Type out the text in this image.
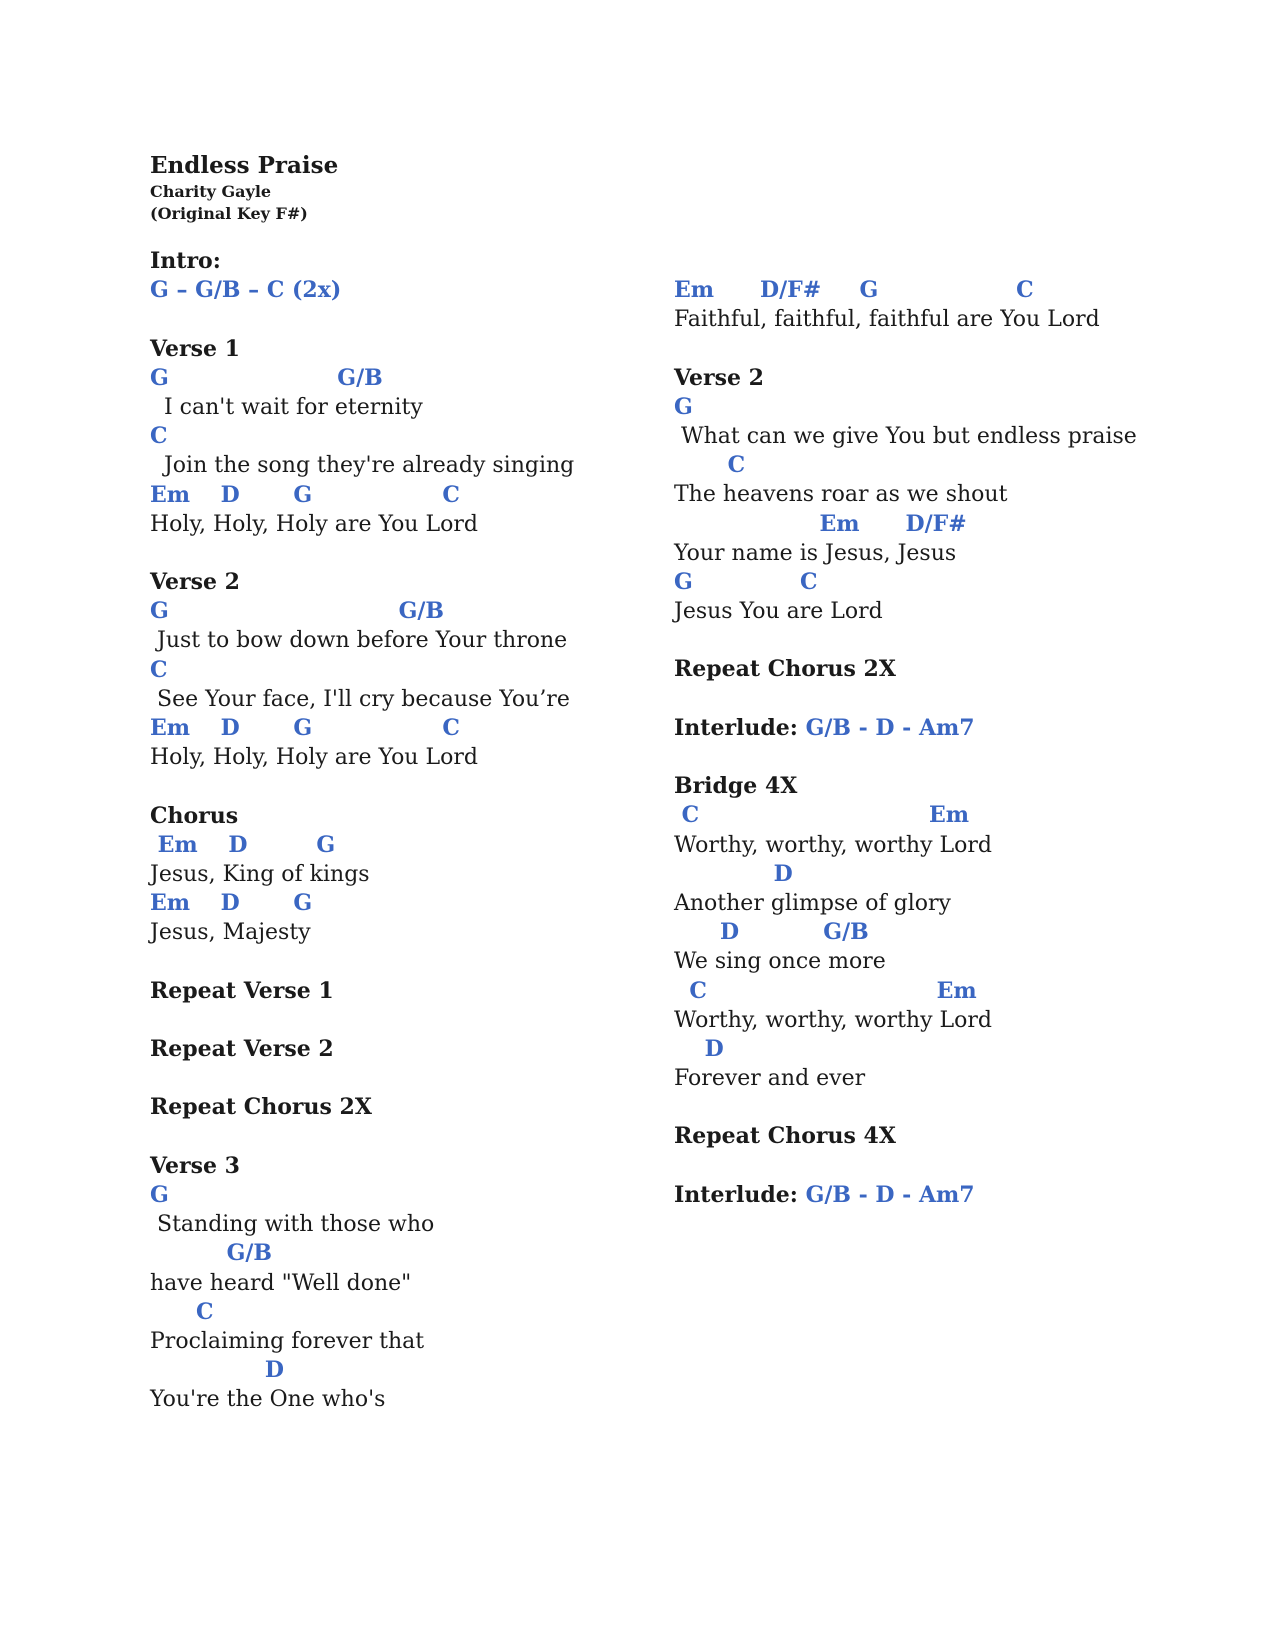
Endless Praise
Charity Gayle
(Original Key F#)
Intro:
G – G/B – C (2x)
Verse 1
G                      G/B
I can't wait for eternity
C
Join the song they're already singing
Em    D       G                 C
Holy, Holy, Holy are You Lord
Verse 2
G                              G/B
Just to bow down before Your throne
C
See Your face, I'll cry because You’re
Em    D       G                 C
Holy, Holy, Holy are You Lord
Chorus
Em    D         G
Jesus, King of kings
Em    D       G
Jesus, Majesty
Repeat Verse 1
Repeat Verse 2
Repeat Chorus 2X
Verse 3
G
Standing with those who
G/B
have heard "Well done"
C
Proclaiming forever that
D
You're the One who's
Em      D/F#     G                  C
Faithful, faithful, faithful are You Lord
Verse 2
G
What can we give You but endless praise
C
The heavens roar as we shout
Em      D/F#
Your name is Jesus, Jesus
G              C
Jesus You are Lord
Repeat Chorus 2X
Interlude: G/B - D - Am7
Bridge 4X
C                              Em
Worthy, worthy, worthy Lord
D
Another glimpse of glory
D           G/B
We sing once more
C                              Em
Worthy, worthy, worthy Lord
D
Forever and ever
Repeat Chorus 4X
Interlude: G/B - D - Am7
